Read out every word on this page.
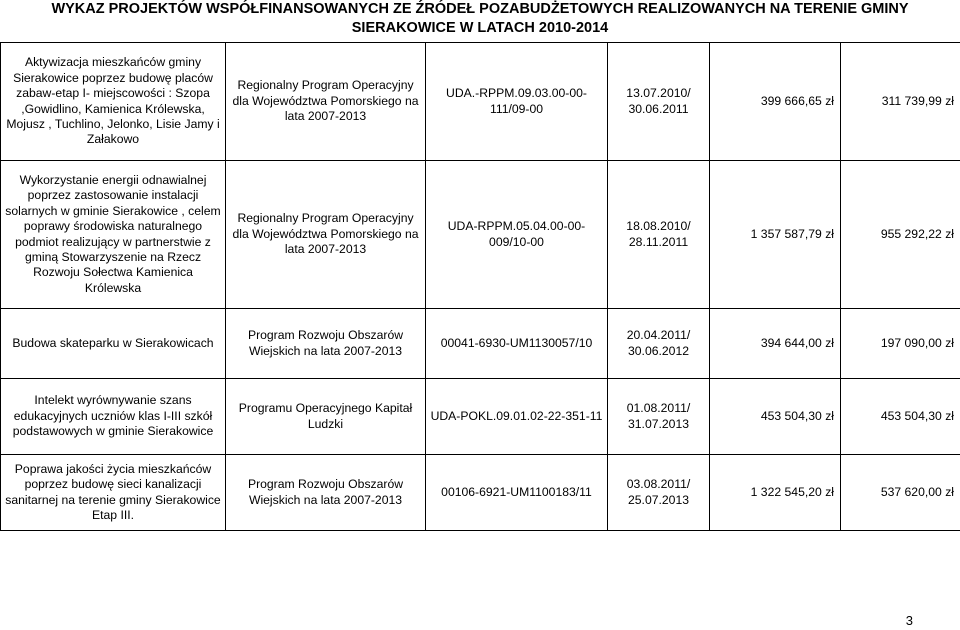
WYKAZ PROJEKTÓW WSPÓŁFINANSOWANYCH ZE ŹRÓDEŁ POZABUDŻETOWYCH REALIZOWANYCH NA TERENIE GMINY
SIERAKOWICE W LATACH 2010-2014
Aktywizacja mieszkańców gminy Sierakowice poprzez budowę placów zabaw-etap I- miejscowości : Szopa ,Gowidlino, Kamienica Królewska, Mojusz , Tuchlino, Jelonko, Lisie Jamy i Załakowo	Regionalny Program Operacyjny dla Województwa Pomorskiego na lata 2007-2013	UDA.-RPPM.09.03.00-00-111/09-00	13.07.2010/ 30.06.2011	399 666,65 zł	311 739,99 zł
Wykorzystanie energii odnawialnej poprzez zastosowanie instalacji solarnych w gminie Sierakowice , celem poprawy środowiska naturalnego podmiot realizujący w partnerstwie z gminą Stowarzyszenie na Rzecz Rozwoju Sołectwa Kamienica Królewska	Regionalny Program Operacyjny dla Województwa Pomorskiego na lata 2007-2013	UDA-RPPM.05.04.00-00-009/10-00	18.08.2010/ 28.11.2011	1 357 587,79 zł	955 292,22 zł
Budowa skateparku w Sierakowicach	Program Rozwoju Obszarów Wiejskich na lata 2007-2013	00041-6930-UM1130057/10	20.04.2011/ 30.06.2012	394 644,00 zł	197 090,00 zł
Intelekt wyrównywanie szans edukacyjnych uczniów klas I-III szkół podstawowych w gminie Sierakowice	Programu Operacyjnego Kapitał Ludzki	UDA-POKL.09.01.02-22-351-11	01.08.2011/ 31.07.2013	453 504,30 zł	453 504,30 zł
Poprawa jakości życia mieszkańców poprzez budowę sieci kanalizacji sanitarnej na terenie gminy Sierakowice Etap III.	Program Rozwoju Obszarów Wiejskich na lata 2007-2013	00106-6921-UM1100183/11	03.08.2011/ 25.07.2013	1 322 545,20 zł	537 620,00 zł
3
